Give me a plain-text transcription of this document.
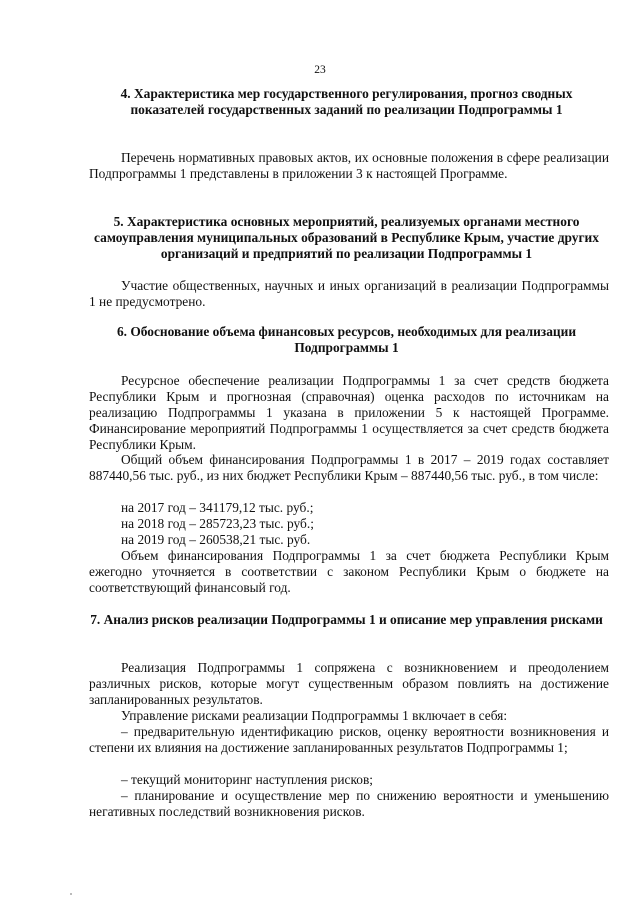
23
4. Характеристика мер государственного регулирования, прогноз сводных показателей государственных заданий по реализации Подпрограммы 1

Перечень нормативных правовых актов, их основные положения в сфере реализации Подпрограммы 1 представлены в приложении 3 к настоящей Программе.

5. Характеристика основных мероприятий, реализуемых органами местного самоуправления муниципальных образований в Республике Крым, участие других организаций и предприятий по реализации Подпрограммы 1

Участие общественных, научных и иных организаций в реализации Подпрограммы 1 не предусмотрено.

6. Обоснование объема финансовых ресурсов, необходимых для реализации Подпрограммы 1

Ресурсное обеспечение реализации Подпрограммы 1 за счет средств бюджета Республики Крым и прогнозная (справочная) оценка расходов по источникам на реализацию Подпрограммы 1 указана в приложении 5 к настоящей Программе. Финансирование мероприятий Подпрограммы 1 осуществляется за счет средств бюджета Республики Крым.

Общий объем финансирования Подпрограммы 1 в 2017 – 2019 годах составляет 887440,56 тыс. руб., из них бюджет Республики Крым – 887440,56 тыс. руб., в том числе:

на 2017 год – 341179,12 тыс. руб.;

на 2018 год – 285723,23 тыс. руб.;

на 2019 год – 260538,21 тыс. руб.

Объем финансирования Подпрограммы 1 за счет бюджета Республики Крым ежегодно уточняется в соответствии с законом Республики Крым о бюджете на соответствующий финансовый год.

7. Анализ рисков реализации Подпрограммы 1 и описание мер управления рисками

Реализация Подпрограммы 1 сопряжена с возникновением и преодолением различных рисков, которые могут существенным образом повлиять на достижение запланированных результатов.

Управление рисками реализации Подпрограммы 1 включает в себя:

– предварительную идентификацию рисков, оценку вероятности возникновения и степени их влияния на достижение запланированных результатов Подпрограммы 1;

– текущий мониторинг наступления рисков;

– планирование и осуществление мер по снижению вероятности и уменьшению негативных последствий возникновения рисков.
